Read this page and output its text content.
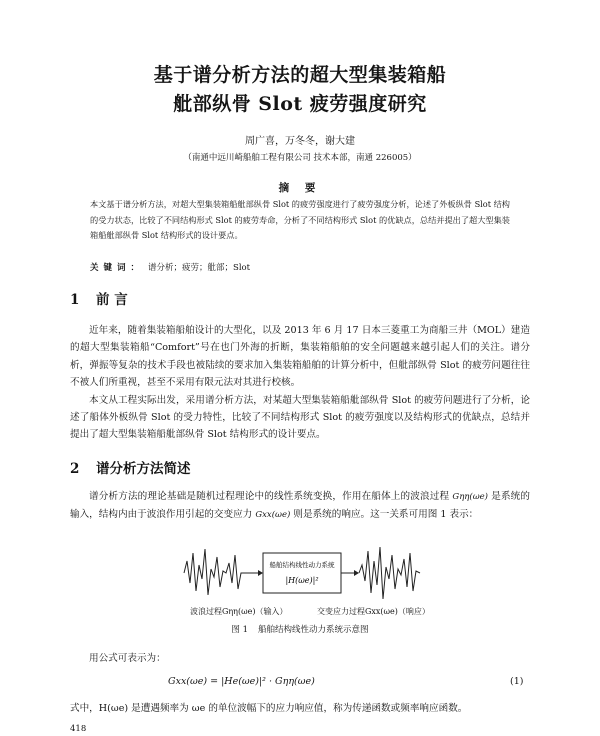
基于谱分析方法的超大型集装箱船
舭部纵骨 Slot 疲劳强度研究
周广喜，万冬冬，谢大建
（南通中远川崎船舶工程有限公司 技术本部，南通 226005）
摘 要
本文基于谱分析方法，对超大型集装箱船舭部纵骨 Slot 的疲劳强度进行了疲劳强度分析，论述了外板纵骨 Slot 结构的受力状态，比较了不同结构形式 Slot 的疲劳寿命，分析了不同结构形式 Slot 的优缺点，总结并提出了超大型集装箱船舭部纵骨 Slot 结构形式的设计要点。
关键词： 谱分析；疲劳；舭部；Slot
1 前 言

近年来，随着集装箱船舶设计的大型化，以及 2013 年 6 月 17 日本三菱重工为商船三井（MOL）建造的超大型集装箱船“Comfort”号在也门外海的折断，集装箱船舶的安全问题越来越引起人们的关注。谱分析，弹振等复杂的技术手段也被陆续的要求加入集装箱船舶的计算分析中，但舭部纵骨 Slot 的疲劳问题往往不被人们所重视，甚至不采用有限元法对其进行校核。

本文从工程实际出发，采用谱分析方法，对某超大型集装箱船舭部纵骨 Slot 的疲劳问题进行了分析，论述了船体外板纵骨 Slot 的受力特性，比较了不同结构形式 Slot 的疲劳强度以及结构形式的优缺点，总结并提出了超大型集装箱船舭部纵骨 Slot 结构形式的设计要点。

2 谱分析方法简述

谱分析方法的理论基础是随机过程理论中的线性系统变换，作用在船体上的波浪过程 Gηη(ωe) 是系统的输入，结构内由于波浪作用引起的交变应力 Gxx(ωe) 则是系统的响应。这一关系可用图 1 表示：

船舶结构线性动力系统
|H(ωe)|²
波浪过程Gηη(ωe)（输入）	交变应力过程Gxx(ωe)（响应）
图 1 船舶结构线性动力系统示意图
用公式可表示为：
Gxx(ωe) = |He(ωe)|² · Gηη(ωe)	(1)
式中，H(ωe) 是遭遇频率为 ωe 的单位波幅下的应力响应值，称为传递函数或频率响应函数。
418
